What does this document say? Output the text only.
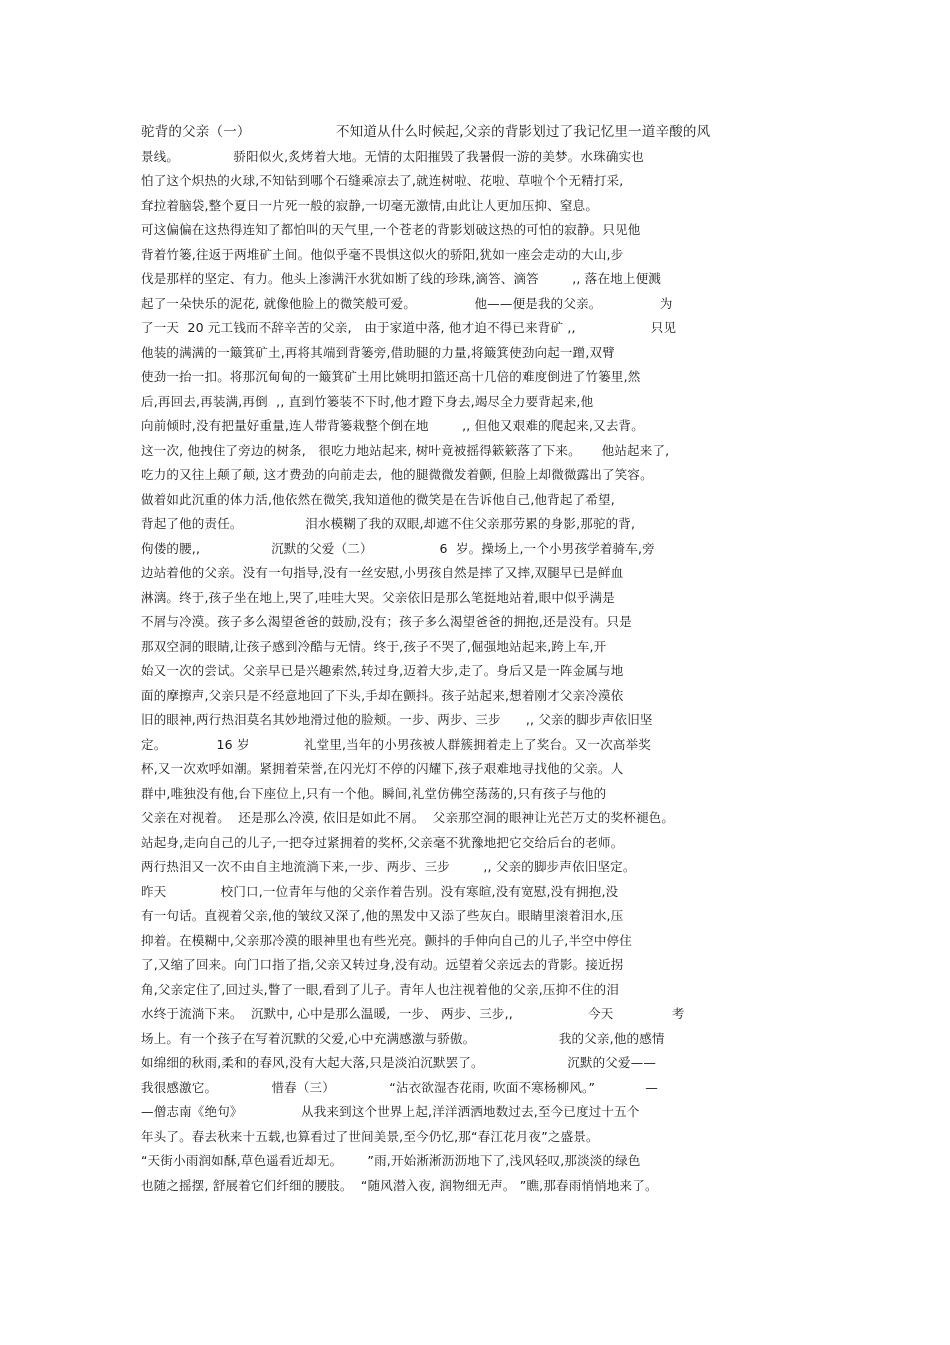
驼背的父亲（一）                   不知道从什么时候起,父亲的背影划过了我记忆里一道辛酸的风
景线。             骄阳似火,炙烤着大地。无情的太阳摧毁了我暑假一游的美梦。水珠确实也
怕了这个炽热的火球,不知钻到哪个石缝乘凉去了,就连树啦、花啦、草啦个个无精打采,
耷拉着脑袋,整个夏日一片死一般的寂静,一切毫无激情,由此让人更加压抑、窒息。
可这偏偏在这热得连知了都怕叫的天气里,一个苍老的背影划破这热的可怕的寂静。只见他
背着竹篓,往返于两堆矿土间。他似乎毫不畏惧这似火的骄阳,犹如一座会走动的大山,步
伐是那样的坚定、有力。他头上渗满汗水犹如断了线的珍珠,滴答、滴答        ,, 落在地上便溅
起了一朵快乐的泥花, 就像他脸上的微笑般可爱。              他——便是我的父亲。              为
了一天  20 元工钱而不辞辛苦的父亲,   由于家道中落, 他才迫不得已来背矿 ,,                  只见
他装的满满的一簸箕矿土,再将其端到背篓旁,借助腿的力量,将簸箕使劲向起一蹭,双臂
使劲一抬一扣。将那沉甸甸的一簸箕矿土用比姚明扣篮还高十几倍的难度倒进了竹篓里,然
后,再回去,再装满,再倒  ,, 直到竹篓装不下时,他才蹬下身去,竭尽全力要背起来,他
向前倾时,没有把量好重量,连人带背篓栽整个倒在地        ,, 但他又艰难的爬起来,又去背。
这一次, 他拽住了旁边的树条,   很吃力地站起来, 树叶竟被摇得簌簌落了下来。     他站起来了,
吃力的又往上颠了颠, 这才费劲的向前走去,  他的腿微微发着颤, 但脸上却微微露出了笑容。
做着如此沉重的体力活,他依然在微笑,我知道他的微笑是在告诉他自己,他背起了希望,
背起了他的责任。               泪水模糊了我的双眼,却遮不住父亲那劳累的身影,那驼的背,
佝偻的腰,,                 沉默的父爱（二）                6  岁。操场上,一个小男孩学着骑车,旁
边站着他的父亲。没有一句指导,没有一丝安慰,小男孩自然是摔了又摔,双腿早已是鲜血
淋漓。终于,孩子坐在地上,哭了,哇哇大哭。父亲依旧是那么笔挺地站着,眼中似乎满是
不屑与冷漠。孩子多么渴望爸爸的鼓励,没有；孩子多么渴望爸爸的拥抱,还是没有。只是
那双空洞的眼睛,让孩子感到冷酷与无情。终于,孩子不哭了,倔强地站起来,跨上车,开
始又一次的尝试。父亲早已是兴趣索然,转过身,迈着大步,走了。身后又是一阵金属与地
面的摩擦声,父亲只是不经意地回了下头,手却在颤抖。孩子站起来,想着刚才父亲冷漠依
旧的眼神,两行热泪莫名其妙地滑过他的脸颊。一步、两步、三步      ,, 父亲的脚步声依旧坚
定。            16 岁             礼堂里,当年的小男孩被人群簇拥着走上了奖台。又一次高举奖
杯,又一次欢呼如潮。紧拥着荣誉,在闪光灯不停的闪耀下,孩子艰难地寻找他的父亲。人
群中,唯独没有他,台下座位上,只有一个他。瞬间,礼堂仿佛空荡荡的,只有孩子与他的
父亲在对视着。  还是那么冷漠, 依旧是如此不屑。  父亲那空洞的眼神让光芒万丈的奖杯褪色。
站起身,走向自己的儿子,一把夺过紧拥着的奖杯,父亲毫不犹豫地把它交给后台的老师。
两行热泪又一次不由自主地流淌下来,一步、两步、三步        ,, 父亲的脚步声依旧坚定。
昨天             校门口,一位青年与他的父亲作着告别。没有寒暄,没有宽慰,没有拥抱,没
有一句话。直视着父亲,他的皱纹又深了,他的黑发中又添了些灰白。眼睛里滚着泪水,压
抑着。在模糊中,父亲那冷漠的眼神里也有些光亮。颤抖的手伸向自己的儿子,半空中停住
了,又缩了回来。向门口指了指,父亲又转过身,没有动。远望着父亲远去的背影。接近拐
角,父亲定住了,回过头,瞥了一眼,看到了儿子。青年人也注视着他的父亲,压抑不住的泪
水终于流淌下来。  沉默中, 心中是那么温暖,  一步、 两步、三步,,                  今天              考
场上。有一个孩子在写着沉默的父爱,心中充满感激与骄傲。                    我的父亲,他的感情
如绵细的秋雨,柔和的春风,没有大起大落,只是淡泊沉默罢了。                    沉默的父爱——
我很感激它。             惜春（三）             “沾衣欲湿杏花雨, 吹面不寒杨柳风。”            —
—僧志南《绝句》              从我来到这个世界上起,洋洋洒洒地数过去,至今已度过十五个
年头了。春去秋来十五载,也算看过了世间美景,至今仍忆,那“春江花月夜”之盛景。
“天街小雨润如酥,草色遥看近却无。      ”雨,开始淅淅沥沥地下了,浅风轻叹,那淡淡的绿色
也随之摇摆, 舒展着它们纤细的腰肢。  “随风潜入夜, 润物细无声。 ”瞧,那春雨悄悄地来了。
